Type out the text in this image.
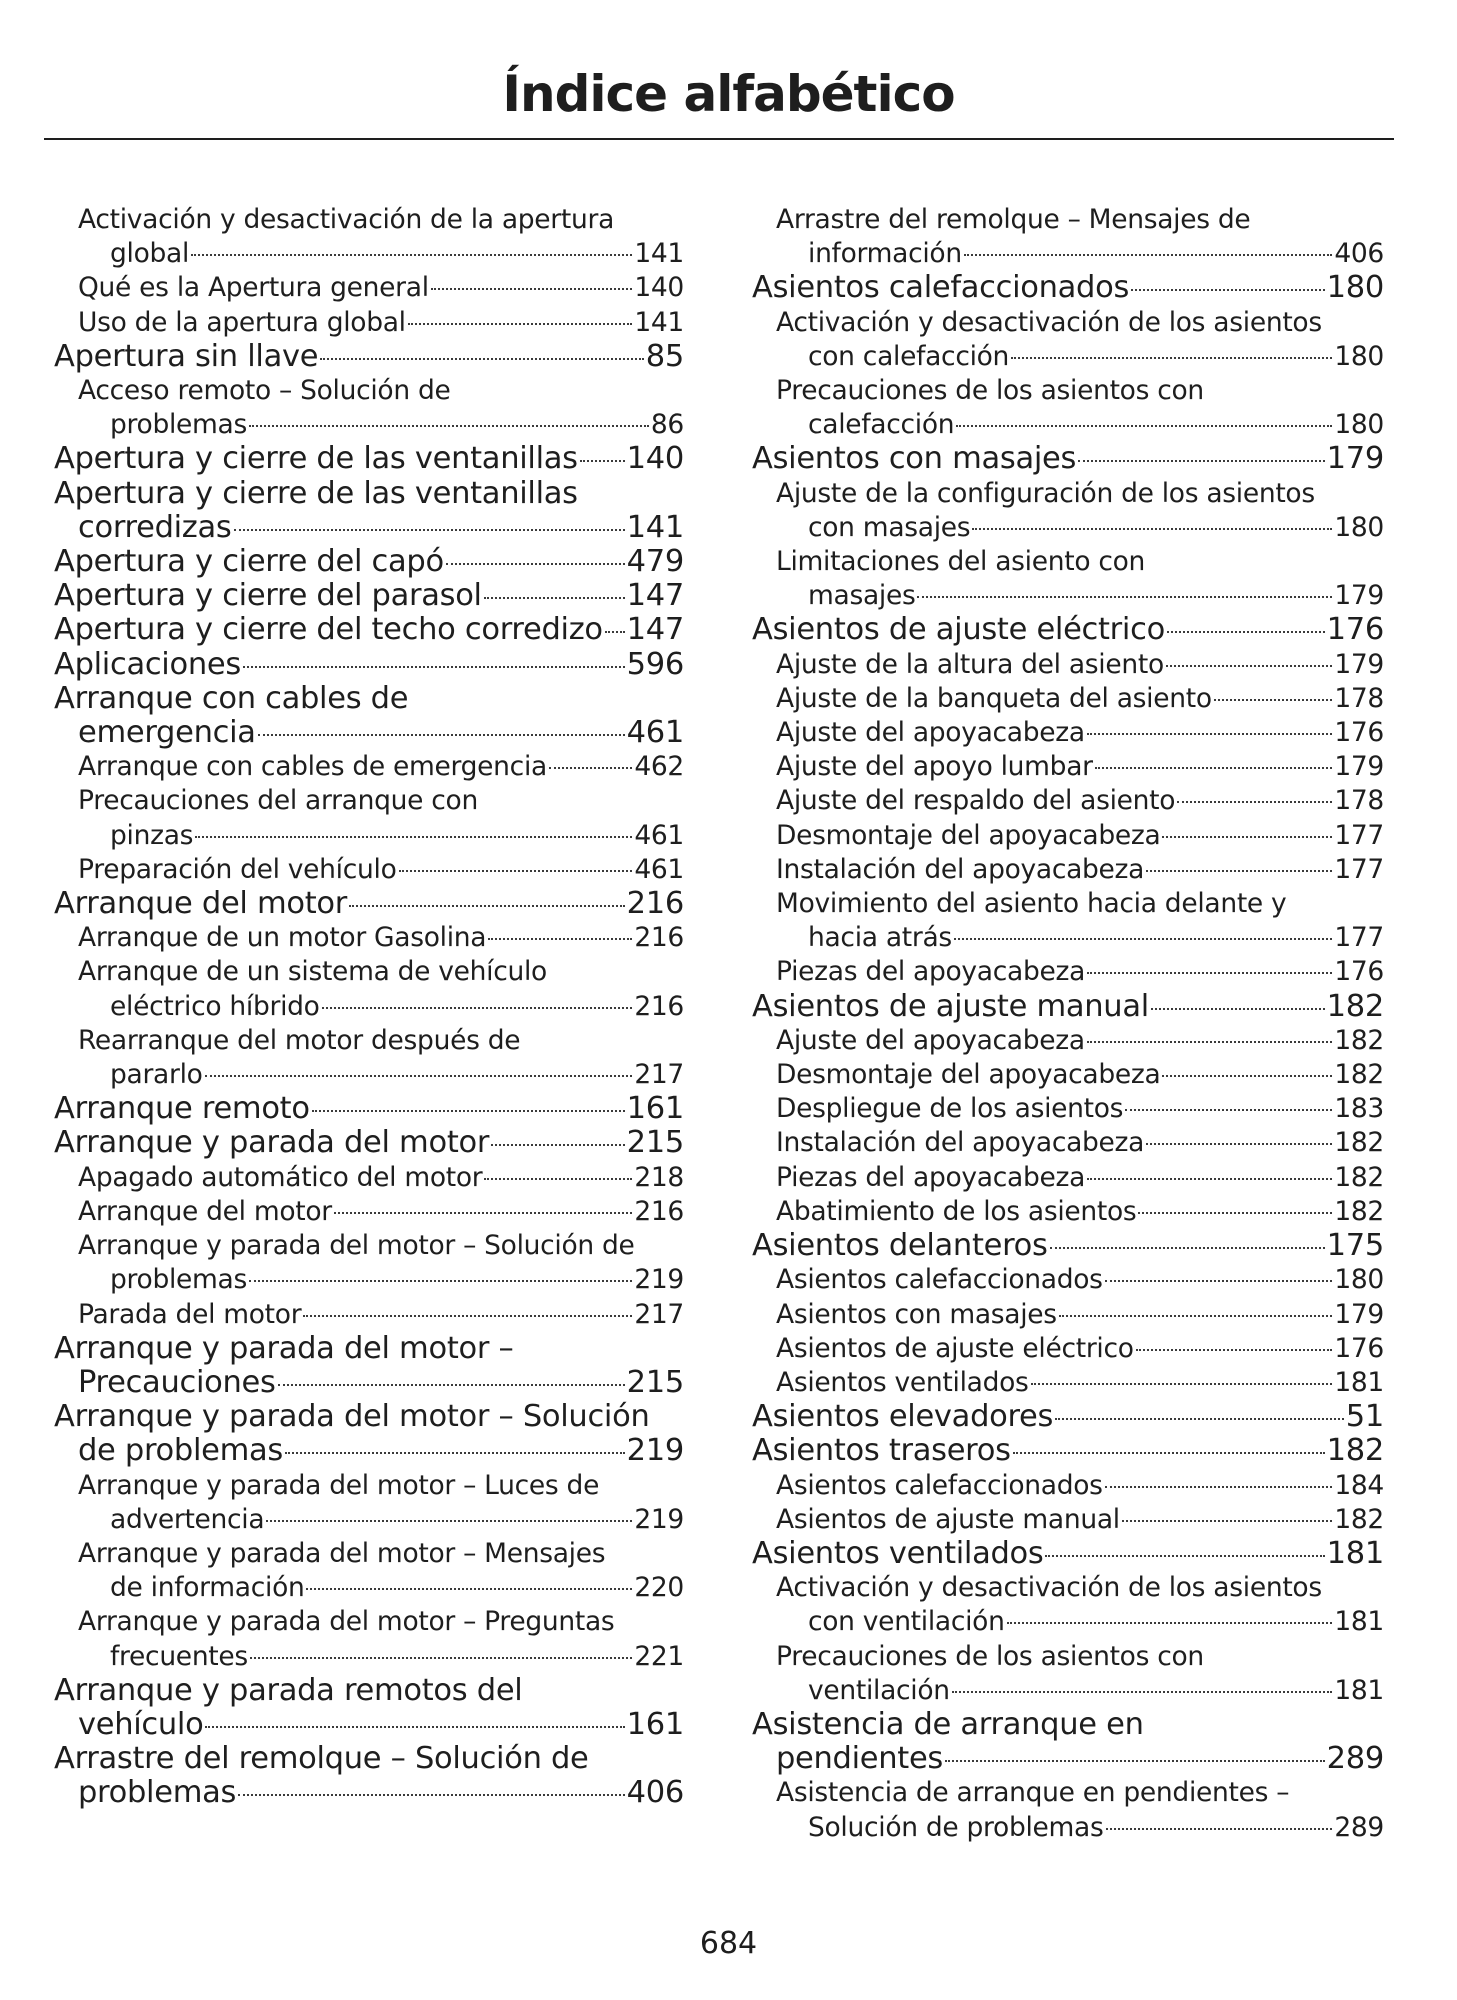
Índice alfabético
Activación y desactivación de la apertura
global	141
Qué es la Apertura general	140
Uso de la apertura global	141
Apertura sin llave	85
Acceso remoto – Solución de
problemas	86
Apertura y cierre de las ventanillas 140
Apertura y cierre de las ventanillas
corredizas	141
Apertura y cierre del capó	479
Apertura y cierre del parasol	147
Apertura y cierre del techo corredizo 147
Aplicaciones	596
Arranque con cables de
emergencia	461
Arranque con cables de emergencia	462
Precauciones del arranque con
pinzas	461
Preparación del vehículo	461
Arranque del motor	216
Arranque de un motor Gasolina	216
Arranque de un sistema de vehículo
eléctrico híbrido	216
Rearranque del motor después de
pararlo	217
Arranque remoto	161
Arranque y parada del motor	215
Apagado automático del motor	218
Arranque del motor	216
Arranque y parada del motor – Solución de
problemas	219
Parada del motor	217
Arranque y parada del motor –
Precauciones	215
Arranque y parada del motor – Solución
de problemas	219
Arranque y parada del motor – Luces de
advertencia	219
Arranque y parada del motor – Mensajes
de información	220
Arranque y parada del motor – Preguntas
frecuentes	221
Arranque y parada remotos del
vehículo	161
Arrastre del remolque – Solución de
problemas	406
Arrastre del remolque – Mensajes de
información	406
Asientos calefaccionados	180
Activación y desactivación de los asientos
con calefacción	180
Precauciones de los asientos con
calefacción	180
Asientos con masajes	179
Ajuste de la configuración de los asientos
con masajes	180
Limitaciones del asiento con
masajes	179
Asientos de ajuste eléctrico	176
Ajuste de la altura del asiento	179
Ajuste de la banqueta del asiento	178
Ajuste del apoyacabeza	176
Ajuste del apoyo lumbar	179
Ajuste del respaldo del asiento	178
Desmontaje del apoyacabeza	177
Instalación del apoyacabeza	177
Movimiento del asiento hacia delante y
hacia atrás	177
Piezas del apoyacabeza	176
Asientos de ajuste manual	182
Ajuste del apoyacabeza	182
Desmontaje del apoyacabeza	182
Despliegue de los asientos	183
Instalación del apoyacabeza	182
Piezas del apoyacabeza	182
Abatimiento de los asientos	182
Asientos delanteros	175
Asientos calefaccionados	180
Asientos con masajes	179
Asientos de ajuste eléctrico	176
Asientos ventilados	181
Asientos elevadores	51
Asientos traseros	182
Asientos calefaccionados	184
Asientos de ajuste manual	182
Asientos ventilados	181
Activación y desactivación de los asientos
con ventilación	181
Precauciones de los asientos con
ventilación	181
Asistencia de arranque en
pendientes	289
Asistencia de arranque en pendientes –
Solución de problemas	289

684
